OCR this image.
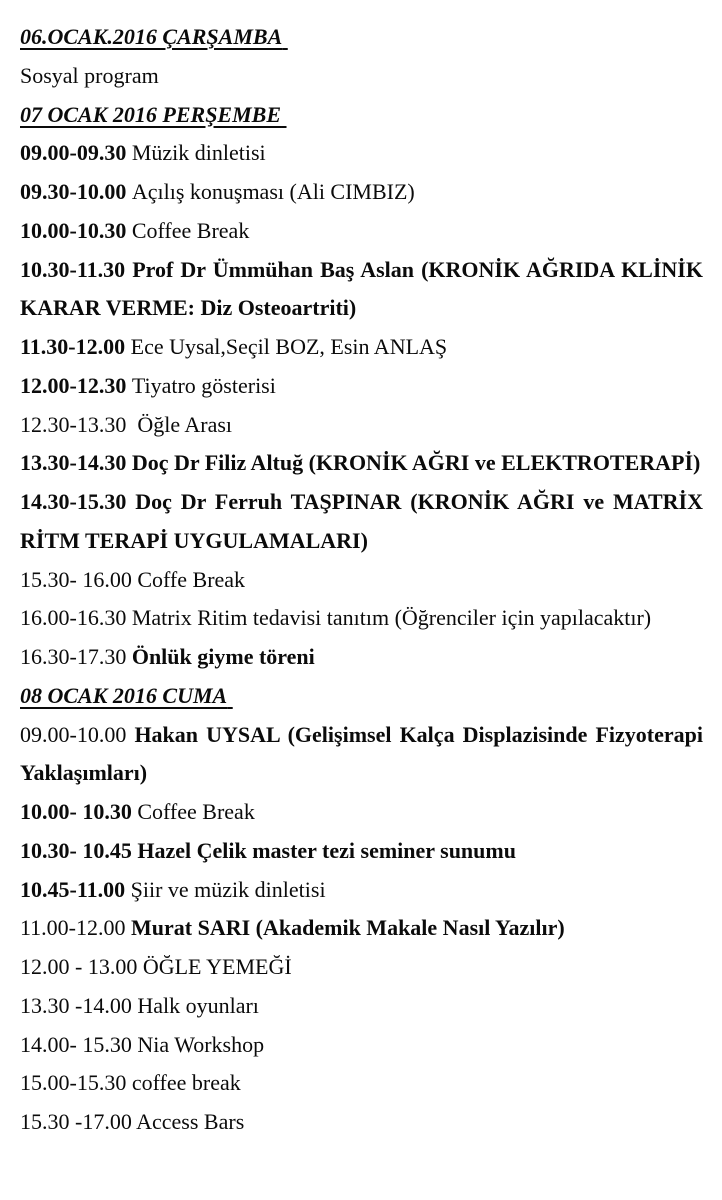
06.OCAK.2016 ÇARŞAMBA

Sosyal program

07 OCAK 2016 PERŞEMBE

09.00-09.30 Müzik dinletisi

09.30-10.00 Açılış konuşması (Ali CIMBIZ)

10.00-10.30 Coffee Break

10.30-11.30 Prof Dr Ümmühan Baş Aslan (KRONİK AĞRIDA KLİNİK

KARAR VERME: Diz Osteoartriti)

11.30-12.00 Ece Uysal,Seçil BOZ, Esin ANLAŞ

12.00-12.30 Tiyatro gösterisi

12.30-13.30  Öğle Arası

13.30-14.30 Doç Dr Filiz Altuğ (KRONİK AĞRI ve ELEKTROTERAPİ)

14.30-15.30 Doç Dr Ferruh TAŞPINAR (KRONİK AĞRI ve MATRİX

RİTM TERAPİ UYGULAMALARI)

15.30- 16.00 Coffe Break

16.00-16.30 Matrix Ritim tedavisi tanıtım (Öğrenciler için yapılacaktır)

16.30-17.30 Önlük giyme töreni

08 OCAK 2016 CUMA

09.00-10.00 Hakan UYSAL (Gelişimsel Kalça Displazisinde Fizyoterapi

Yaklaşımları)

10.00- 10.30 Coffee Break

10.30- 10.45 Hazel Çelik master tezi seminer sunumu

10.45-11.00 Şiir ve müzik dinletisi

11.00-12.00 Murat SARI (Akademik Makale Nasıl Yazılır)

12.00 - 13.00 ÖĞLE YEMEĞİ

13.30 -14.00 Halk oyunları

14.00- 15.30 Nia Workshop

15.00-15.30 coffee break

15.30 -17.00 Access Bars
